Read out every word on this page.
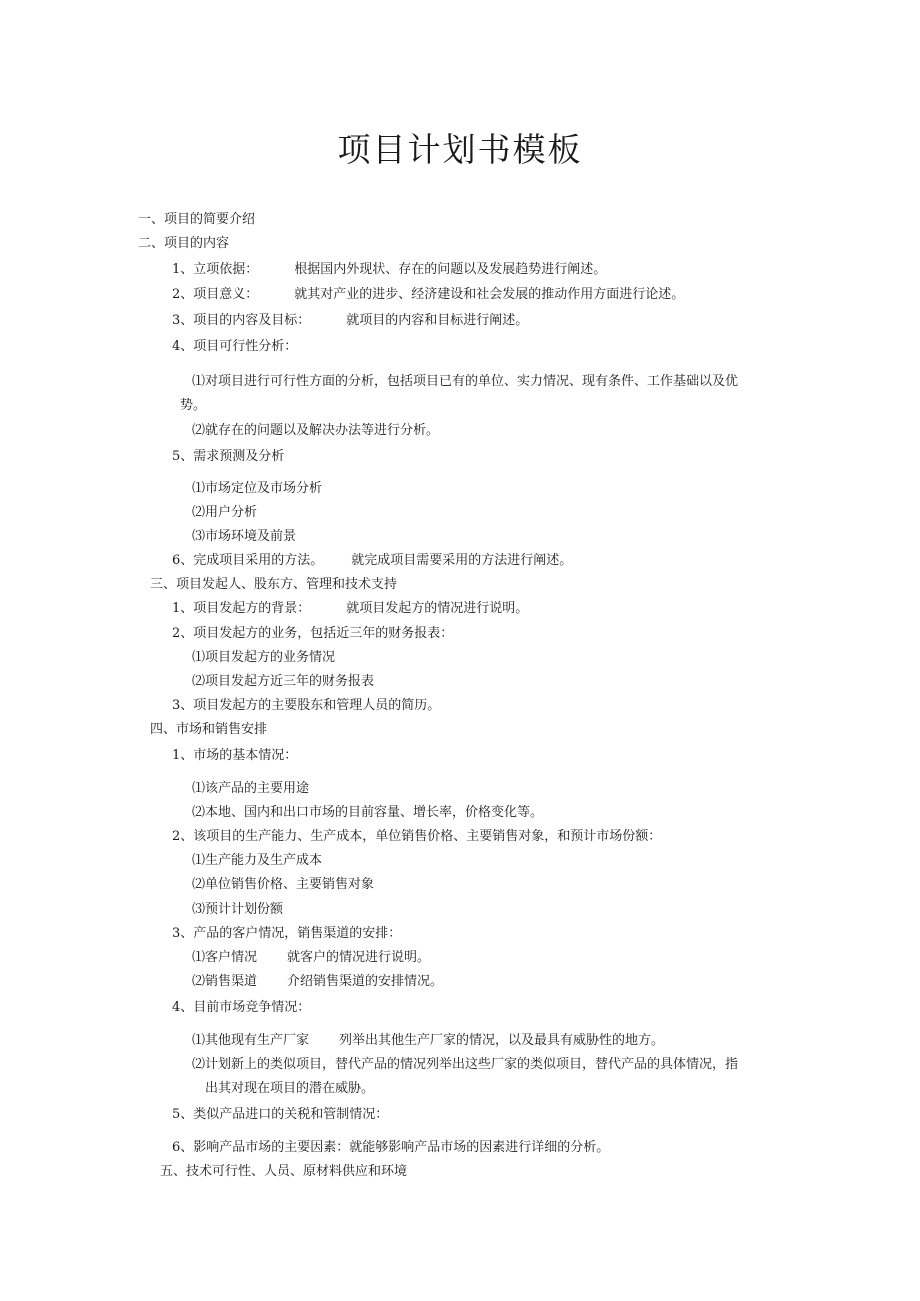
项目计划书模板
一、项目的简要介绍
二、项目的内容
1、立项依据：	根据国内外现状、存在的问题以及发展趋势进行阐述。
2、项目意义：	就其对产业的进步、经济建设和社会发展的推动作用方面进行论述。
3、项目的内容及目标：	就项目的内容和目标进行阐述。
4、项目可行性分析：
⑴对项目进行可行性方面的分析，包括项目已有的单位、实力情况、现有条件、工作基础以及优
势。
⑵就存在的问题以及解决办法等进行分析。
5、需求预测及分析
⑴市场定位及市场分析
⑵用户分析
⑶市场环境及前景
6、完成项目采用的方法。 就完成项目需要采用的方法进行阐述。
三、项目发起人、股东方、管理和技术支持
1、项目发起方的背景：	就项目发起方的情况进行说明。
2、项目发起方的业务，包括近三年的财务报表：
⑴项目发起方的业务情况
⑵项目发起方近三年的财务报表
3、项目发起方的主要股东和管理人员的简历。
四、市场和销售安排
1、市场的基本情况：
⑴该产品的主要用途
⑵本地、国内和出口市场的目前容量、增长率，价格变化等。
2、该项目的生产能力、生产成本，单位销售价格、主要销售对象，和预计市场份额：
⑴生产能力及生产成本
⑵单位销售价格、主要销售对象
⑶预计计划份额
3、产品的客户情况，销售渠道的安排：
⑴客户情况 就客户的情况进行说明。
⑵销售渠道 介绍销售渠道的安排情况。
4、目前市场竞争情况：
⑴其他现有生产厂家 列举出其他生产厂家的情况，以及最具有威胁性的地方。
⑵计划新上的类似项目，替代产品的情况列举出这些厂家的类似项目，替代产品的具体情况，指
出其对现在项目的潜在威胁。
5、类似产品进口的关税和管制情况：
6、影响产品市场的主要因素：就能够影响产品市场的因素进行详细的分析。
五、技术可行性、人员、原材料供应和环境
